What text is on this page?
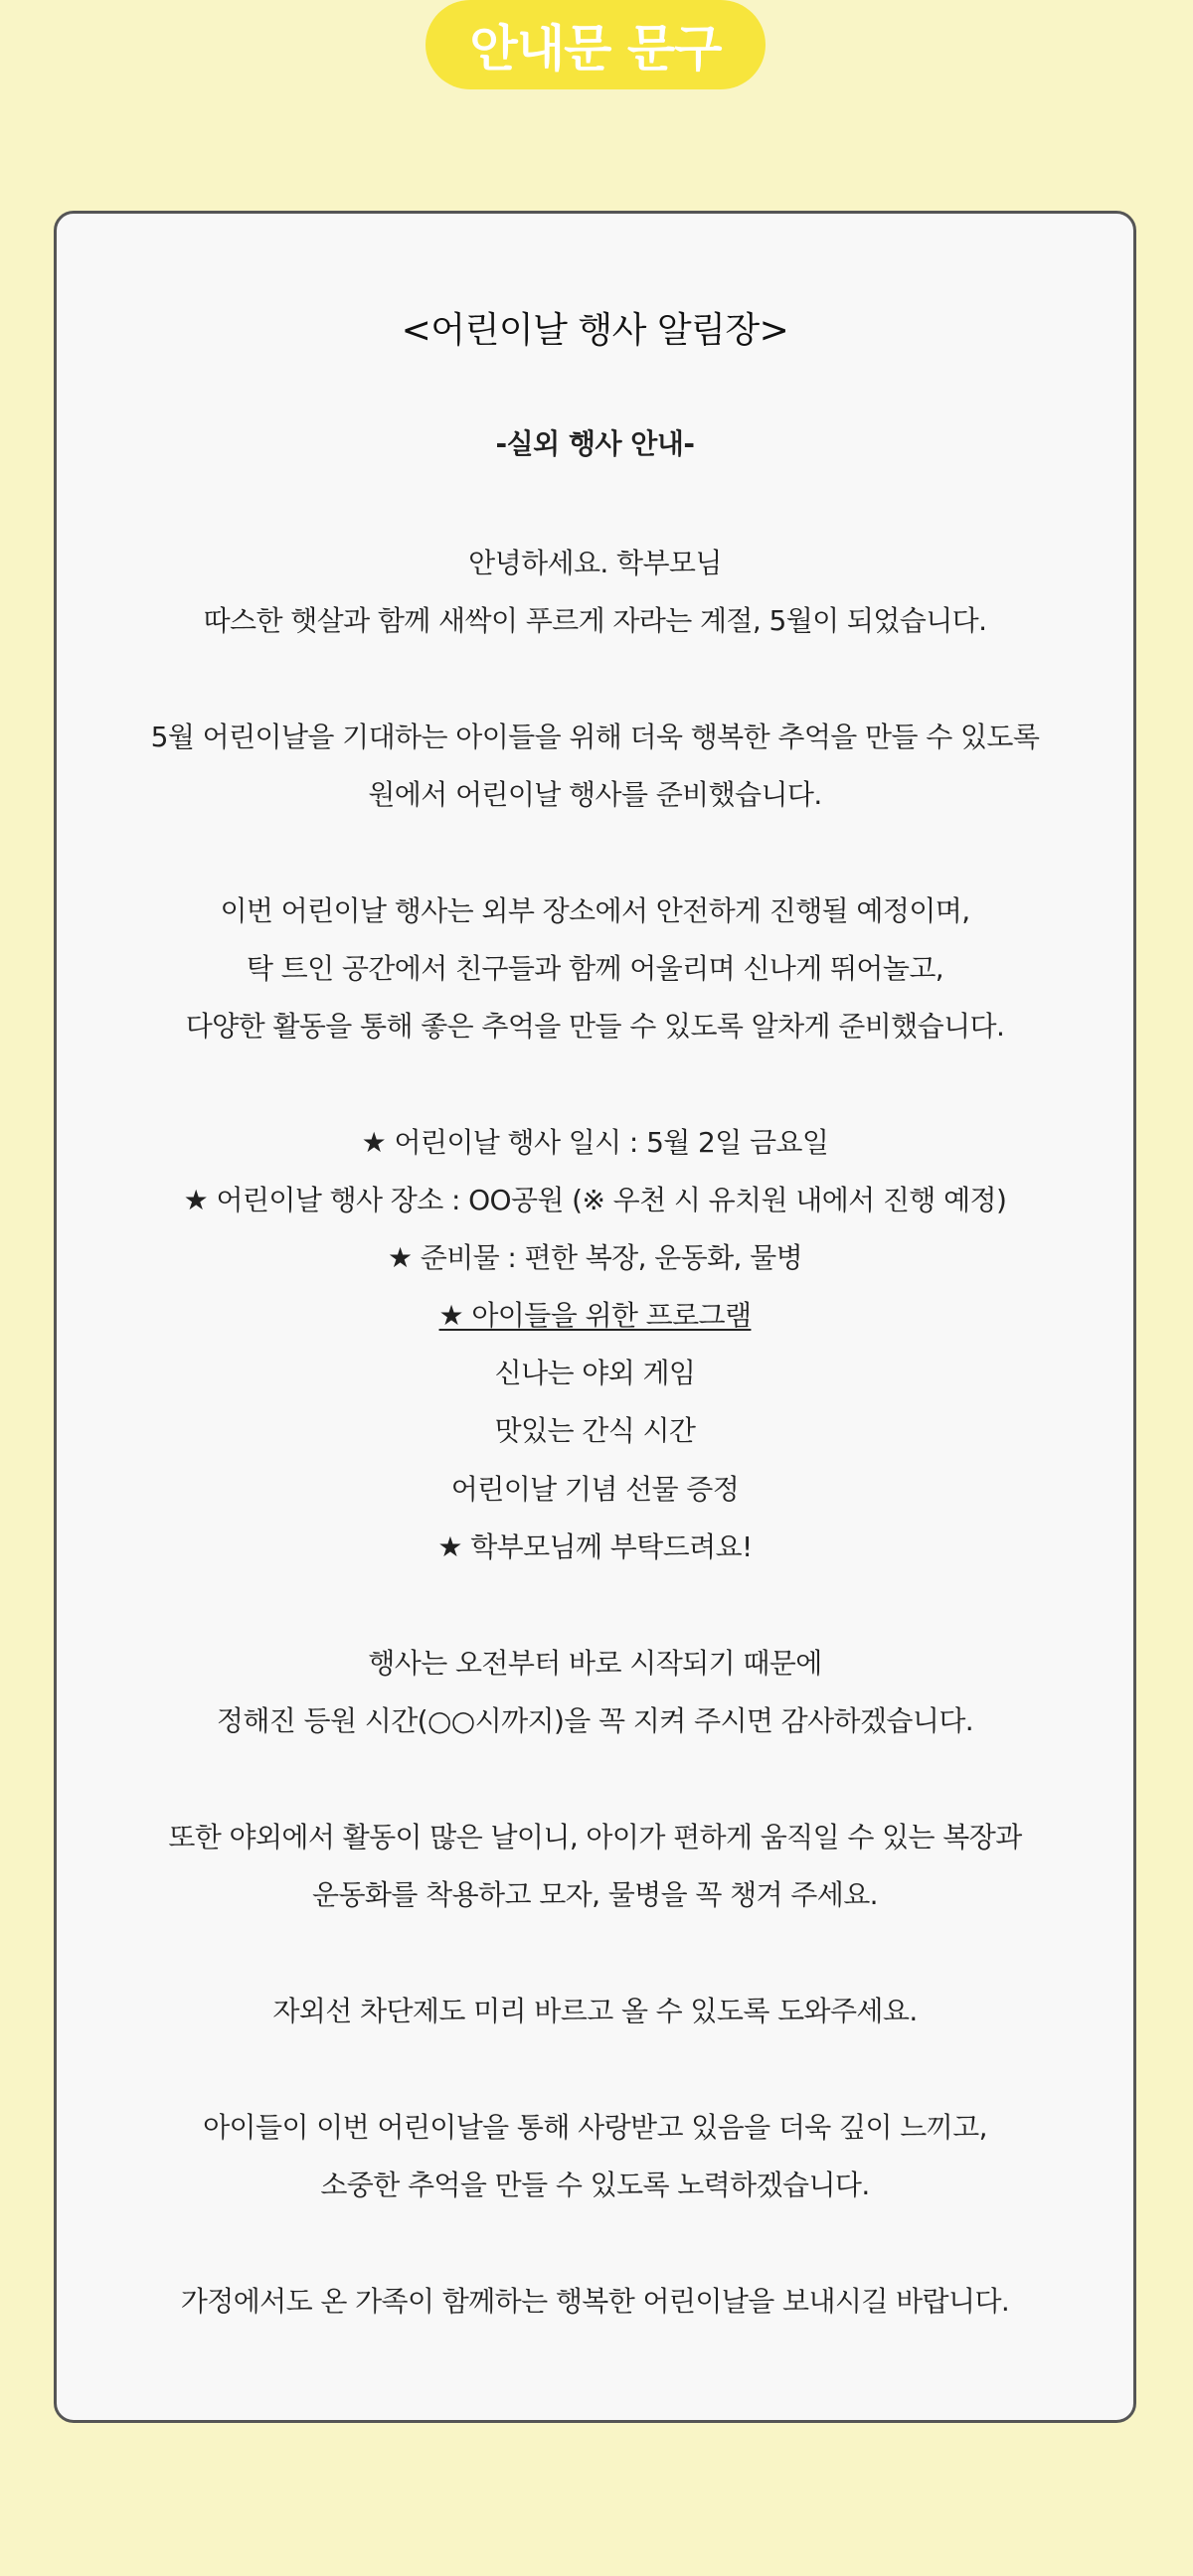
안내문 문구
<어린이날 행사 알림장>
-실외 행사 안내-
안녕하세요. 학부모님
따스한 햇살과 함께 새싹이 푸르게 자라는 계절, 5월이 되었습니다.
5월 어린이날을 기대하는 아이들을 위해 더욱 행복한 추억을 만들 수 있도록
원에서 어린이날 행사를 준비했습니다.
이번 어린이날 행사는 외부 장소에서 안전하게 진행될 예정이며,
탁 트인 공간에서 친구들과 함께 어울리며 신나게 뛰어놀고,
다양한 활동을 통해 좋은 추억을 만들 수 있도록 알차게 준비했습니다.
★ 어린이날 행사 일시 : 5월 2일 금요일
★ 어린이날 행사 장소 : OO공원 (※ 우천 시 유치원 내에서 진행 예정)
★ 준비물 : 편한 복장, 운동화, 물병
★ 아이들을 위한 프로그램
신나는 야외 게임
맛있는 간식 시간
어린이날 기념 선물 증정
★ 학부모님께 부탁드려요!
행사는 오전부터 바로 시작되기 때문에
정해진 등원 시간(○○시까지)을 꼭 지켜 주시면 감사하겠습니다.
또한 야외에서 활동이 많은 날이니, 아이가 편하게 움직일 수 있는 복장과
운동화를 착용하고 모자, 물병을 꼭 챙겨 주세요.
자외선 차단제도 미리 바르고 올 수 있도록 도와주세요.
아이들이 이번 어린이날을 통해 사랑받고 있음을 더욱 깊이 느끼고,
소중한 추억을 만들 수 있도록 노력하겠습니다.
가정에서도 온 가족이 함께하는 행복한 어린이날을 보내시길 바랍니다.
